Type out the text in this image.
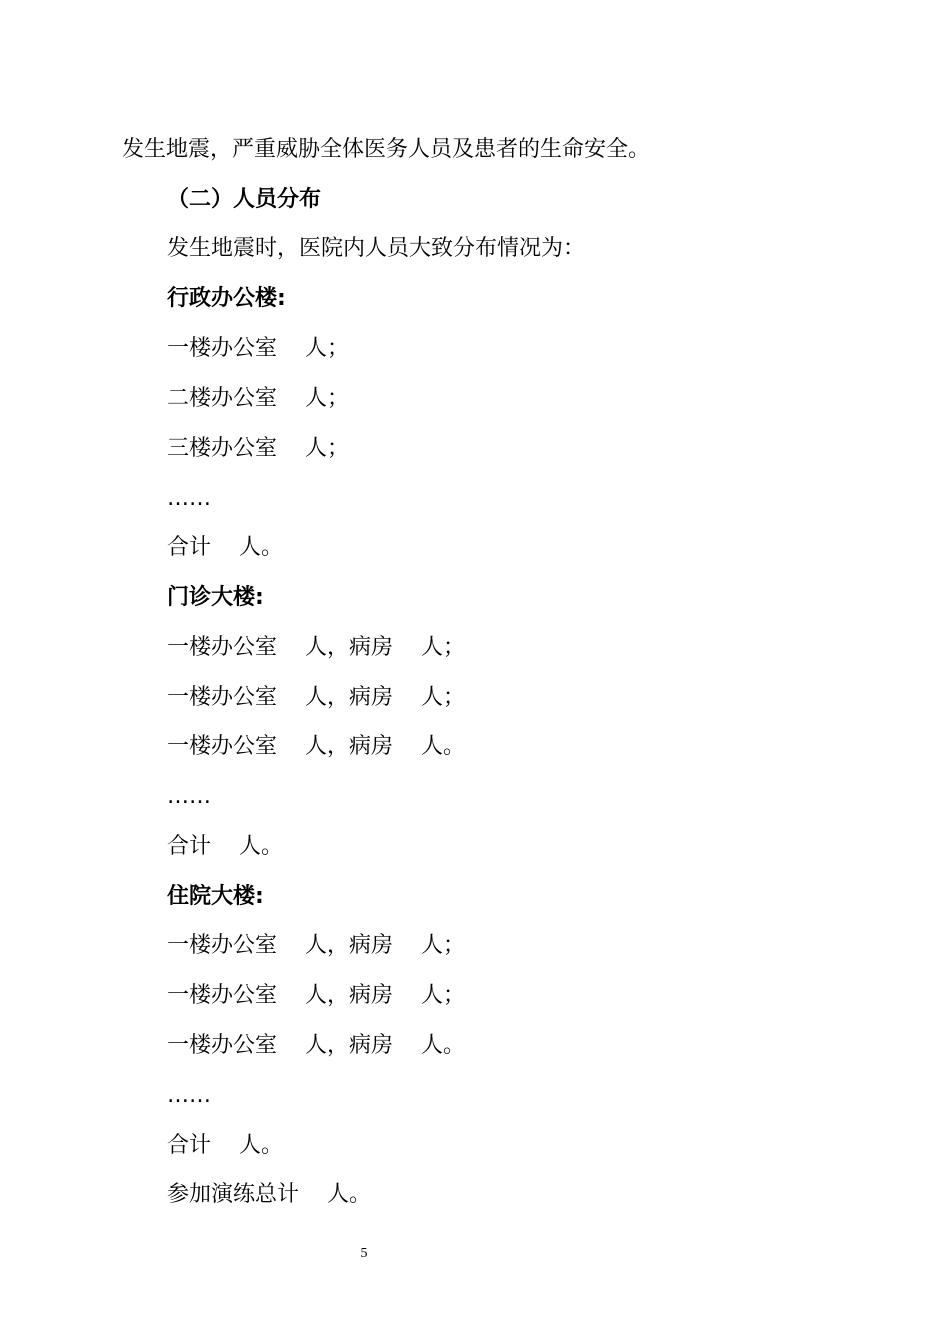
发生地震，严重威胁全体医务人员及患者的生命安全。
（二）人员分布
发生地震时，医院内人员大致分布情况为：
行政办公楼:
一楼办公室    人；
二楼办公室    人；
三楼办公室    人；
……
合计    人。
门诊大楼:
一楼办公室    人，病房    人；
一楼办公室    人，病房    人；
一楼办公室    人，病房    人。
……
合计    人。
住院大楼:
一楼办公室    人，病房    人；
一楼办公室    人，病房    人；
一楼办公室    人，病房    人。
……
合计    人。
参加演练总计    人。
5
